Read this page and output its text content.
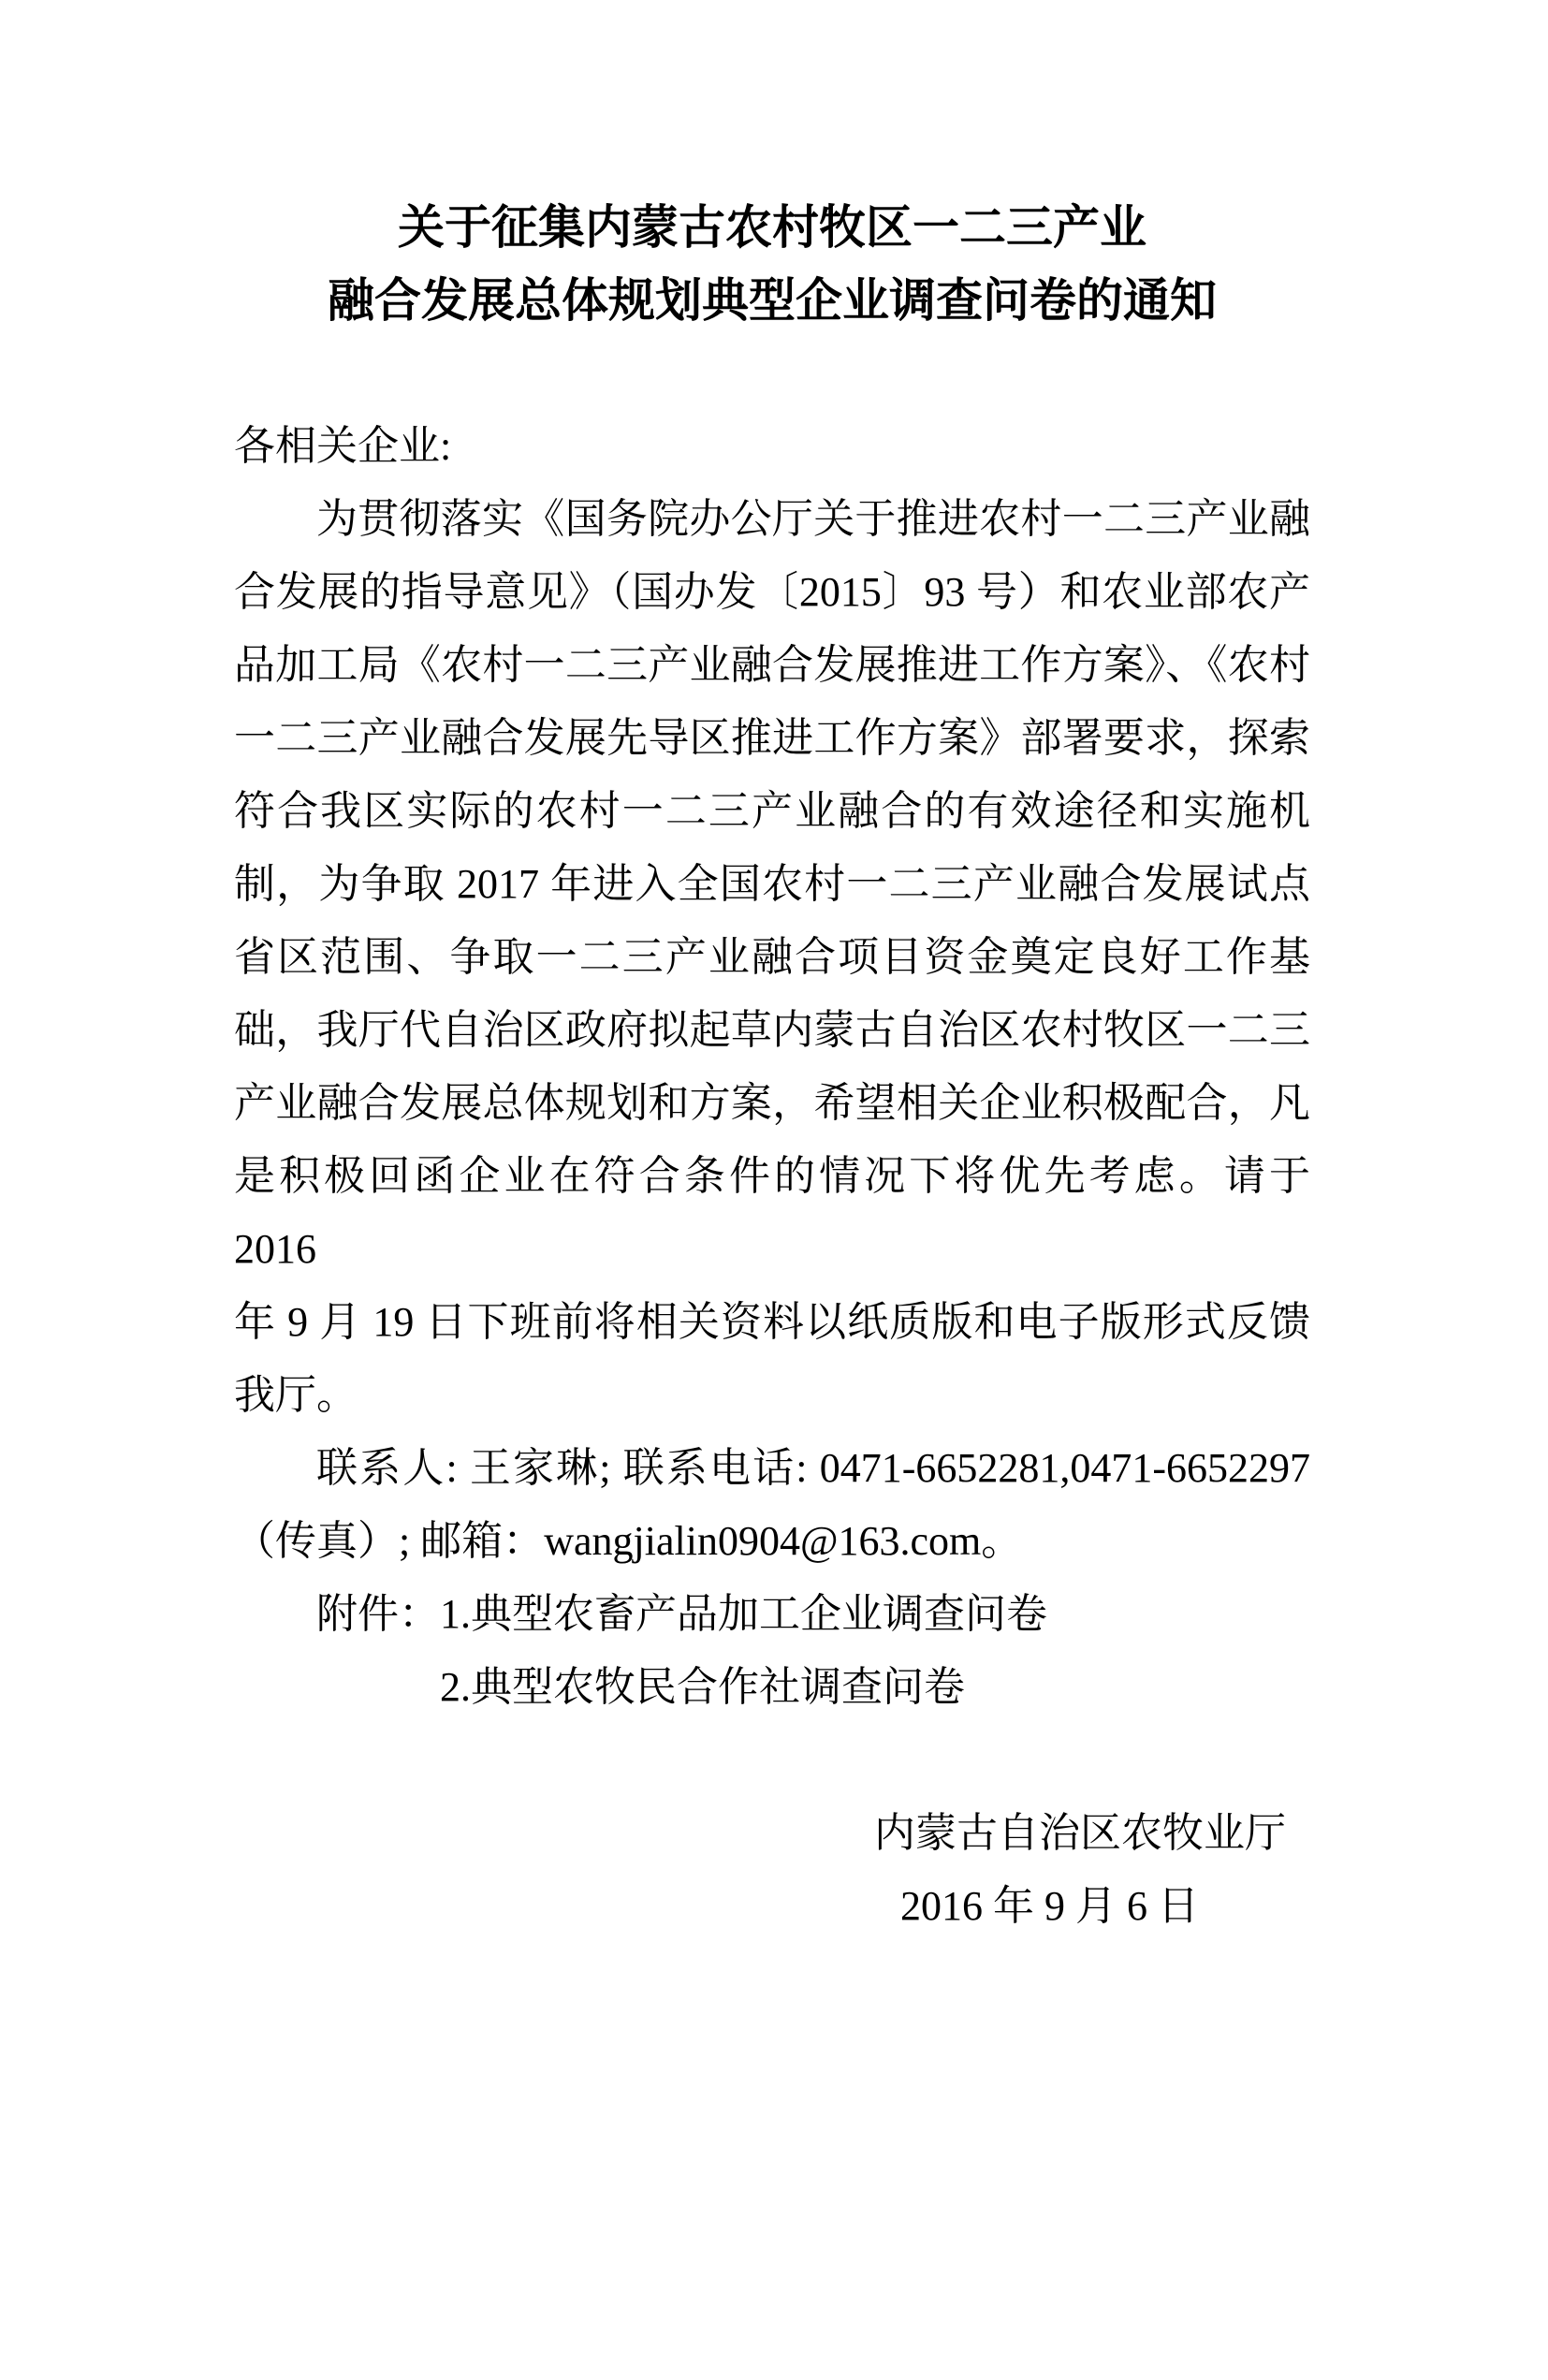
关于征集内蒙古农村牧区一二三产业
融合发展总体规划典型企业调查问卷的通知
各相关企业:
为贯彻落实《国务院办公厅关于推进农村一二三产业融
合发展的指导意见》（国办发〔2015〕93 号）和农业部农产
品加工局《农村一二三产业融合发展推进工作方案》、《农村
一二三产业融合发展先导区推进工作方案》部署要求，探索
符合我区实际的农村一二三产业融合的有效途径和实施机
制，为争取 2017 年进入全国农村一二三产业融合发展试点
省区范围、争取一二三产业融合项目资金奠定良好工作基
础，我厅代自治区政府拟起草内蒙古自治区农村牧区一二三
产业融合发展总体规划和方案，希望相关企业积极配合，凡
是积极回函企业在符合条件的情况下将优先考虑。请于 2016
年 9 月 19 日下班前将相关资料以纸质版和电子版形式反馈
我厅。
联系人: 王家琳; 联系电话: 0471-6652281,0471-6652297
（传真）; 邮箱：wangjialin0904@163.com。
附件：1.典型农畜产品加工企业调查问卷
2.典型农牧民合作社调查问卷
内蒙古自治区农牧业厅
2016 年 9 月 6 日
